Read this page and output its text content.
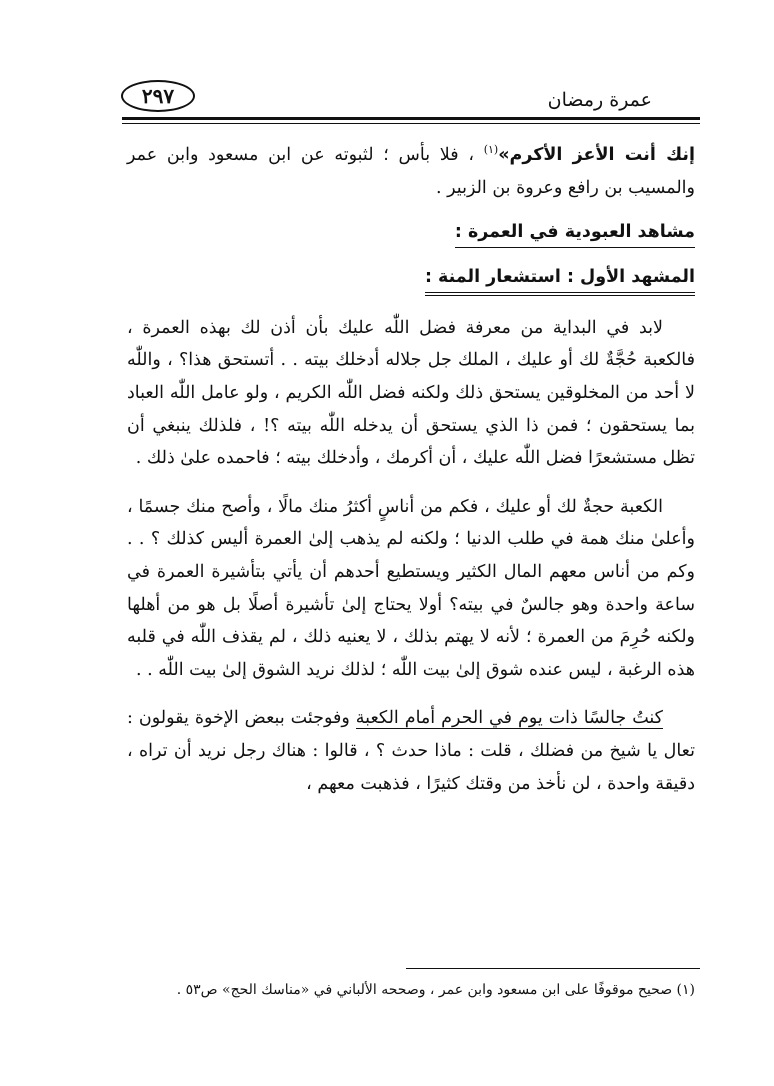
عمرة رمضان
٢٩٧

إنك أنت الأعز الأكرم»$^{(١)}$ ، فلا بأس ؛ لثبوته عن ابن مسعود وابن عمر والمسيب بن رافع وعروة بن الزبير .

مشاهد العبودية في العمرة :
المشهد الأول : استشعار المنة :

لابد في البداية من معرفة فضل اللّٰه عليك بأن أذن لك بهذه العمرة ، فالكعبة حُجَّةٌ لك أو عليك ، الملك جل جلاله أدخلك بيته . . أتستحق هذا؟ ، واللّٰه لا أحد من المخلوقين يستحق ذلك ولكنه فضل اللّٰه الكريم ، ولو عامل اللّٰه العباد بما يستحقون ؛ فمن ذا الذي يستحق أن يدخله اللّٰه بيته ؟! ، فلذلك ينبغي أن تظل مستشعرًا فضل اللّٰه عليك ، أن أكرمك ، وأدخلك بيته ؛ فاحمده علىٰ ذلك .

الكعبة حجةٌ لك أو عليك ، فكم من أناسٍ أكثرُ منك مالًا ، وأصح منك جسمًا ، وأعلىٰ منك همة في طلب الدنيا ؛ ولكنه لم يذهب إلىٰ العمرة أليس كذلك ؟ . . وكم من أناس معهم المال الكثير ويستطيع أحدهم أن يأتي بتأشيرة العمرة في ساعة واحدة وهو جالسٌ في بيته؟ أولا يحتاج إلىٰ تأشيرة أصلًا بل هو من أهلها ولكنه حُرِمَ من العمرة ؛ لأنه لا يهتم بذلك ، لا يعنيه ذلك ، لم يقذف اللّٰه في قلبه هذه الرغبة ، ليس عنده شوق إلىٰ بيت اللّٰه ؛ لذلك نريد الشوق إلىٰ بيت اللّٰه . .

كنتُ جالسًا ذات يوم في الحرم أمام الكعبة وفوجئت ببعض الإخوة يقولون : تعال يا شيخ من فضلك ، قلت : ماذا حدث ؟ ، قالوا : هناك رجل نريد أن تراه ، دقيقة واحدة ، لن نأخذ من وقتك كثيرًا ، فذهبت معهم ،

(١) صحيح موقوفًا على ابن مسعود وابن عمر ، وصححه الألباني في «مناسك الحج» ص٥٣ .
